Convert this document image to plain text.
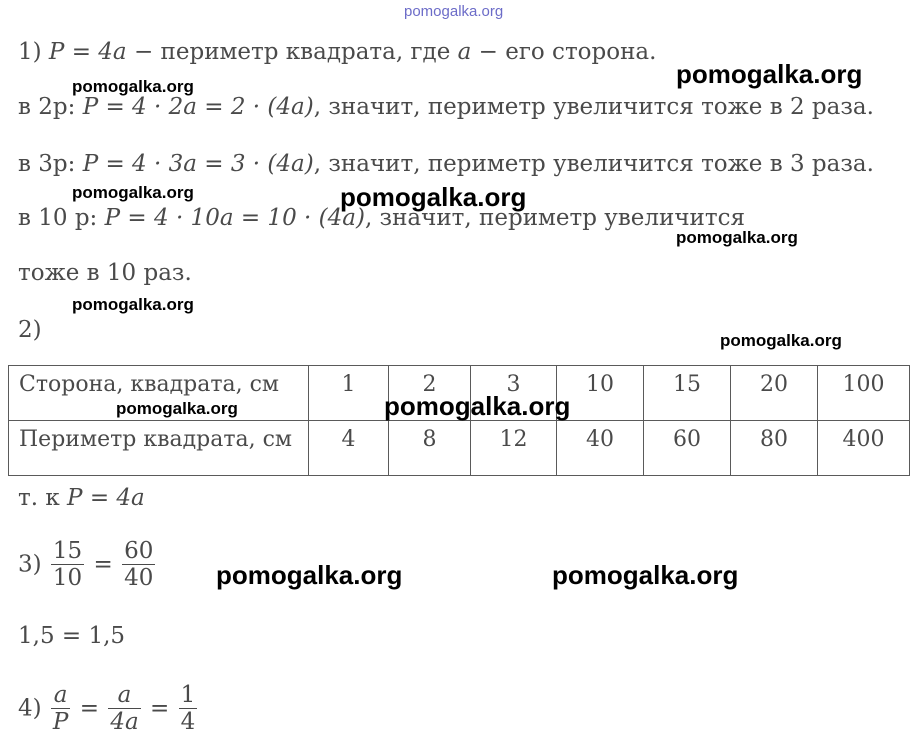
pomogalka.org
1) P = 4a − периметр квадрата, где a − его сторона.
в 2р: P = 4 · 2a = 2 · (4a), значит, периметр увеличится тоже в 2 раза.
в 3р: P = 4 · 3a = 3 · (4a), значит, периметр увеличится тоже в 3 раза.
в 10 р: P = 4 · 10a = 10 · (4a), значит, периметр увеличится
тоже в 10 раз.
2)
Сторона, квадрата, см	1	2	3	10	15	20	100
Периметр квадрата, см	4	8	12	40	60	80	400
т. к P = 4a
$3) \frac{15}{10} = \frac{60}{40}$
1,5 = 1,5
$4) \frac{a}{P} = \frac{a}{4a} = \frac{1}{4}$
pomogalka.org	pomogalka.org
pomogalka.org	pomogalka.org
pomogalka.org
pomogalka.org
pomogalka.org
pomogalka.org	pomogalka.org
pomogalka.org	pomogalka.org
